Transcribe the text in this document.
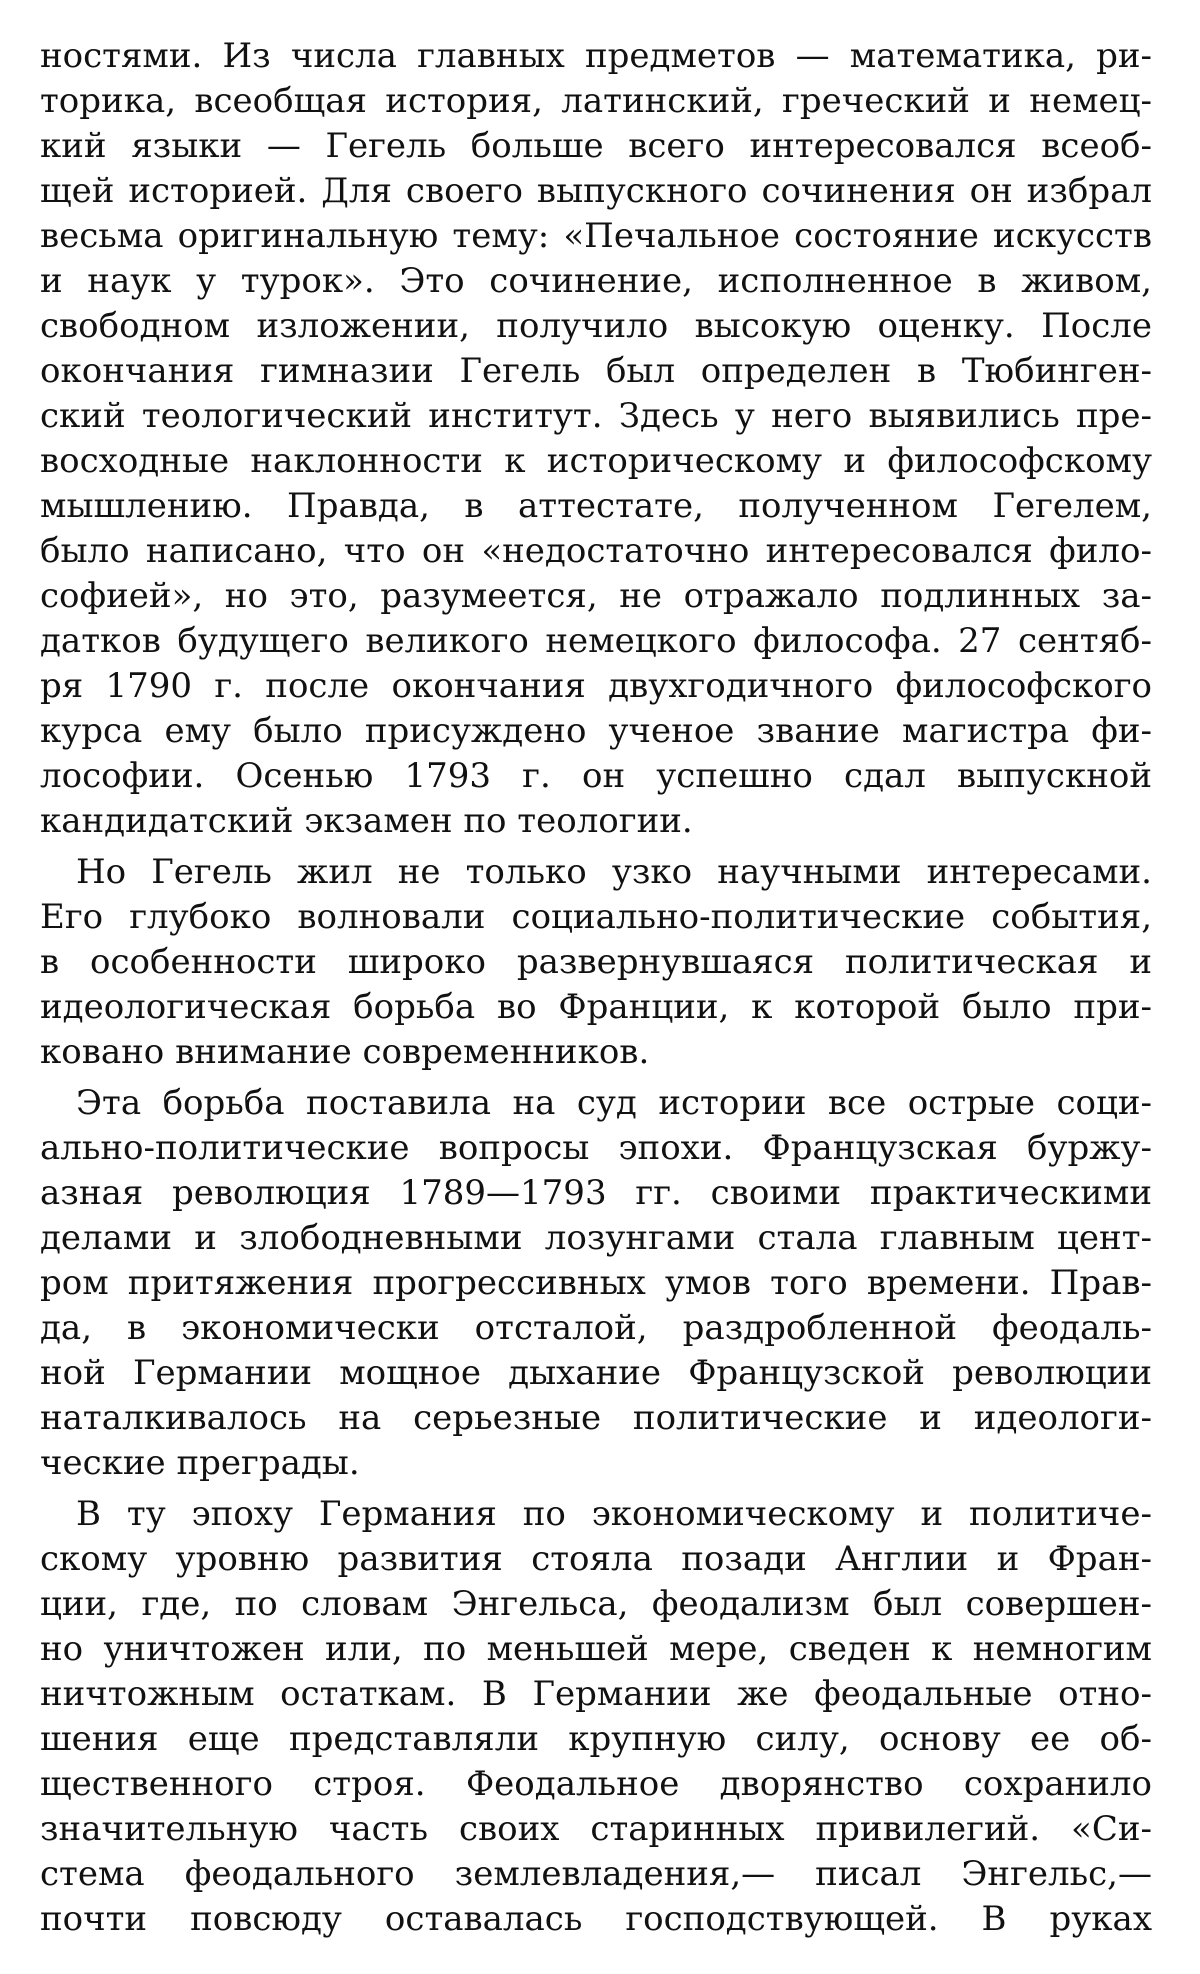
ностями. Из числа главных предметов — математика, ри-
торика, всеобщая история, латинский, греческий и немец-
кий языки — Гегель больше всего интересовался всеоб-
щей историей. Для своего выпускного сочинения он избрал
весьма оригинальную тему: «Печальное состояние искусств
и наук у турок». Это сочинение, исполненное в живом,
свободном изложении, получило высокую оценку. После
окончания гимназии Гегель был определен в Тюбинген-
ский теологический институт. Здесь у него выявились пре-
восходные наклонности к историческому и философскому
мышлению. Правда, в аттестате, полученном Гегелем,
было написано, что он «недостаточно интересовался фило-
софией», но это, разумеется, не отражало подлинных за-
датков будущего великого немецкого философа. 27 сентяб-
ря 1790 г. после окончания двухгодичного философского
курса ему было присуждено ученое звание магистра фи-
лософии. Осенью 1793 г. он успешно сдал выпускной
кандидатский экзамен по теологии.
Но Гегель жил не только узко научными интересами.
Его глубоко волновали социально-политические события,
в особенности широко развернувшаяся политическая и
идеологическая борьба во Франции, к которой было при-
ковано внимание современников.
Эта борьба поставила на суд истории все острые соци-
ально-политические вопросы эпохи. Французская буржу-
азная революция 1789—1793 гг. своими практическими
делами и злободневными лозунгами стала главным цент-
ром притяжения прогрессивных умов того времени. Прав-
да, в экономически отсталой, раздробленной феодаль-
ной Германии мощное дыхание Французской революции
наталкивалось на серьезные политические и идеологи-
ческие преграды.
В ту эпоху Германия по экономическому и политиче-
скому уровню развития стояла позади Англии и Фран-
ции, где, по словам Энгельса, феодализм был совершен-
но уничтожен или, по меньшей мере, сведен к немногим
ничтожным остаткам. В Германии же феодальные отно-
шения еще представляли крупную силу, основу ее об-
щественного строя. Феодальное дворянство сохранило
значительную часть своих старинных привилегий. «Си-
стема феодального землевладения,— писал Энгельс,—
почти повсюду оставалась господствующей. В руках
